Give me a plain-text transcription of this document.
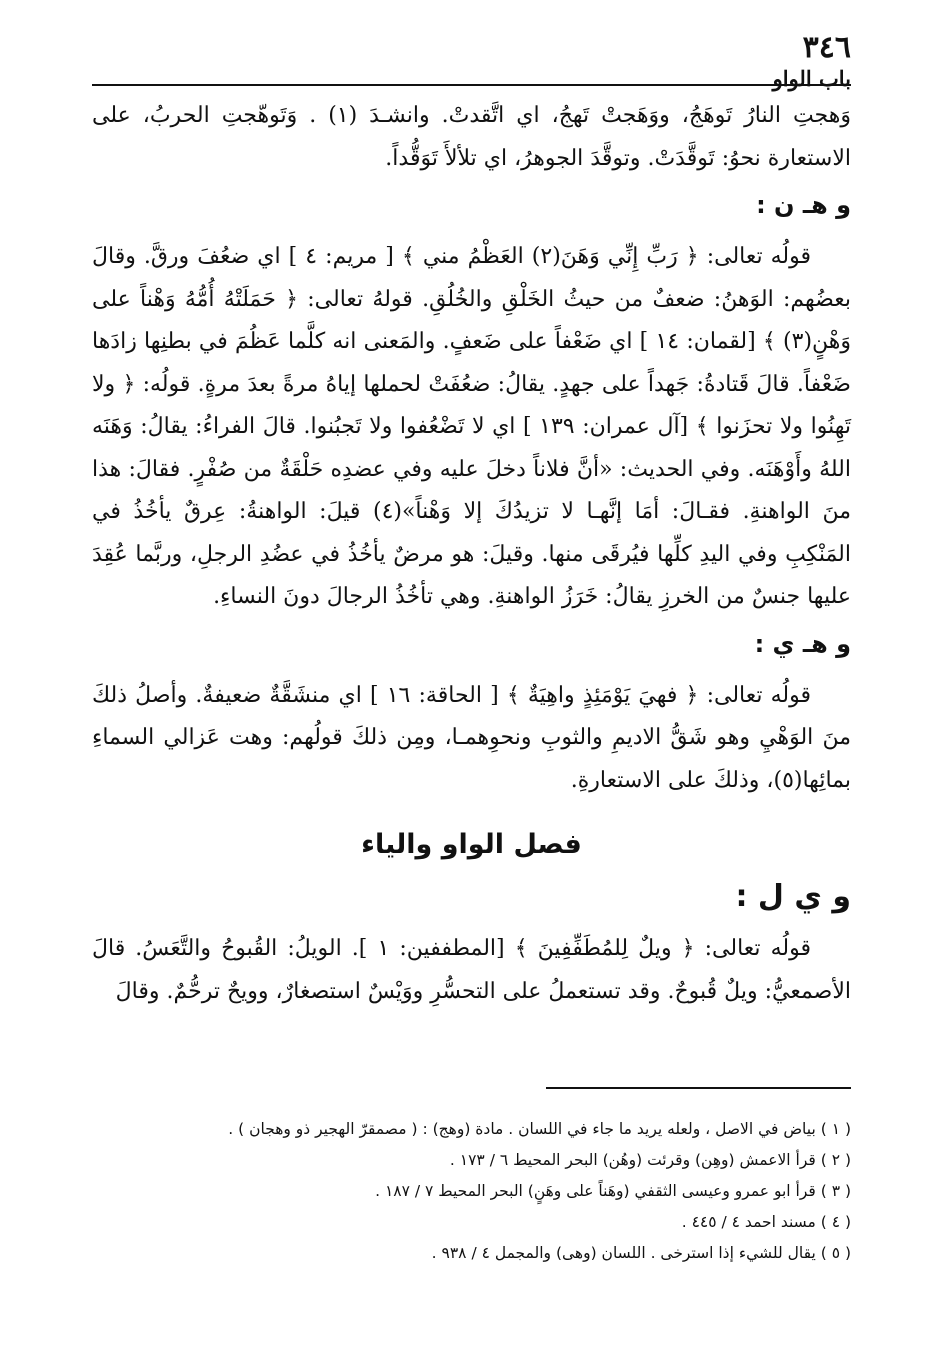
٣٤٦
باب الواو

وَهجتِ النارُ تَوهَجُ، ووَهَجتْ تَهجُ، اي اتَّقدتْ. وانشـدَ (١) . وَتَوهّجتِ الحربُ، على الاستعارة نحوُ: تَوقَّدَتْ. وتوقَّدَ الجوهرُ، اي تلألأَ تَوَقُّداً.

و هـ ن :

قولُه تعالى: ﴿ رَبِّ إِنِّي وَهَنَ(٢) العَظْمُ مني ﴾ [ مريم: ٤ ] اي ضعُفَ ورقَّ. وقالَ بعضُهم: الوَهنُ: ضعفٌ من حيثُ الخَلْقِ والخُلُقِ. قولهُ تعالى: ﴿ حَمَلَتْهُ أُمُّهُ وَهْناً على وَهْنٍ(٣) ﴾ [لقمان: ١٤ ] اي ضَعْفاً على ضَعفٍ. والمَعنى انه كلَّما عَظُمَ في بطنِها زادَها ضَعْفاً. قالَ قَتادةُ: جَهداً على جهدٍ. يقالُ: ضعُفَتْ لحملها إياهُ مرةً بعدَ مرةٍ. قولُه: ﴿ ولا تَهِنُوا ولا تحزَنوا ﴾ [آل عمران: ١٣٩ ] اي لا تَضْعُفوا ولا تَجبُنوا. قالَ الفراءُ: يقالُ: وَهَنَه اللهُ وأَوْهَنَه. وفي الحديث: «أنَّ فلاناً دخلَ عليه وفي عضدِه حَلْقَةٌ من صُفْرٍ. فقالَ: هذا منَ الواهنةِ. فقـالَ: أمَا إنَّهـا لا تزيدُكَ إلا وَهْناً»(٤) قيلَ: الواهنةُ: عِرقٌ يأخُذُ في المَنْكِبِ وفي اليدِ كلِّها فيُرقَى منها. وقيلَ: هو مرضٌ يأخُذُ في عضُدِ الرجلِ، وربَّما عُقِدَ عليها جنسٌ من الخرزِ يقالُ: خَرَزُ الواهنةِ. وهي تأخُذُ الرجالَ دونَ النساءِ.

و هـ ي :

قولُه تعالى: ﴿ فهيَ يَوْمَئِذٍ واهِيَةٌ ﴾ [ الحاقة: ١٦ ] اي منشَقَّةٌ ضعيفةٌ. وأصلُ ذلكَ منَ الوَهْيِ وهو شَقُّ الاديمِ والثوبِ ونحوِهمـا، ومِن ذلكَ قولُهم: وهت عَزالي السماءِ بمائِها(٥)، وذلكَ على الاستعارةِ.

فصل الواو والياء
و ي ل :

قولُه تعالى: ﴿ ويلٌ لِلمُطَفِّفِينَ ﴾ [المطففين: ١ ]. الويلُ: القُبوحُ والتَّعَسُ. قالَ الأصمعيُّ: ويلٌ قُبوحٌ. وقد تستعملُ على التحسُّرِ ووَيْسٌ استصغارٌ، وويحٌ ترحُّمٌ. وقالَ

( ١ ) بياض في الاصل ، ولعله يريد ما جاء في اللسان . مادة (وهج) : ( مصمقرّ الهجير ذو وهجان ) .

( ٢ ) قرأ الاعمش (وهِن) وقرئت (وهُن) البحر المحيط ٦ / ١٧٣ .

( ٣ ) قرأ ابو عمرو وعيسى الثقفي (وهَناً على وهَنٍ) البحر المحيط ٧ / ١٨٧ .

( ٤ ) مسند احمد ٤ / ٤٤٥ .

( ٥ ) يقال للشيء إذا استرخى . اللسان (وهى) والمجمل ٤ / ٩٣٨ .
